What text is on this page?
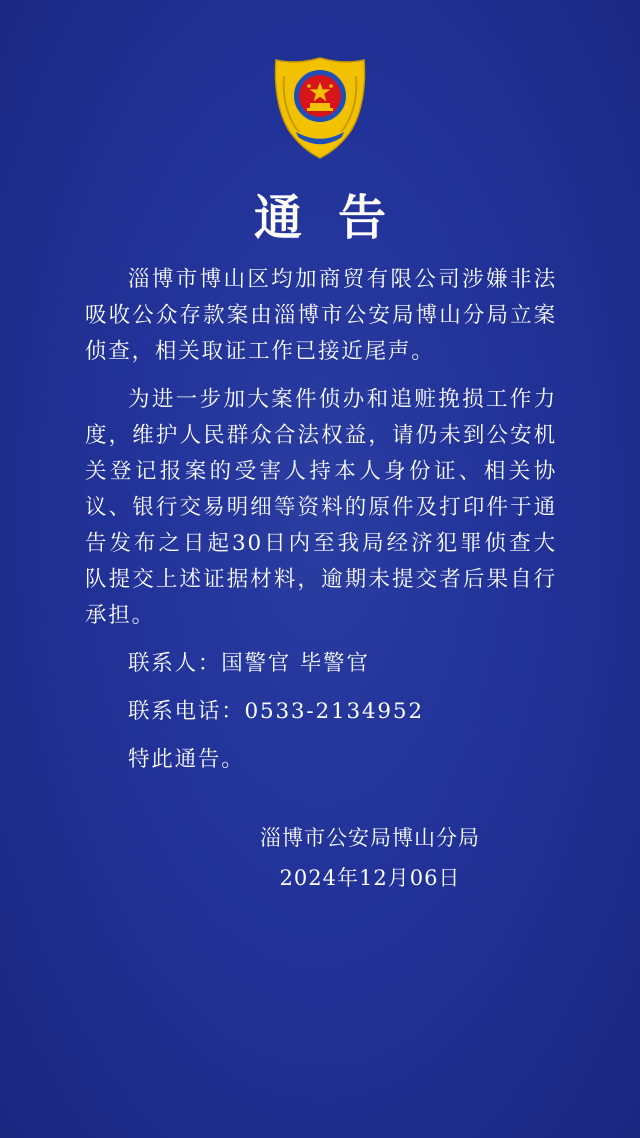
通告

淄博市博山区均加商贸有限公司涉嫌非法吸收公众存款案由淄博市公安局博山分局立案侦查，相关取证工作已接近尾声。

为进一步加大案件侦办和追赃挽损工作力度，维护人民群众合法权益，请仍未到公安机关登记报案的受害人持本人身份证、相关协议、银行交易明细等资料的原件及打印件于通告发布之日起30日内至我局经济犯罪侦查大队提交上述证据材料，逾期未提交者后果自行承担。

联系人：国警官 毕警官

联系电话：0533-2134952

特此通告。

淄博市公安局博山分局
2024年12月06日
